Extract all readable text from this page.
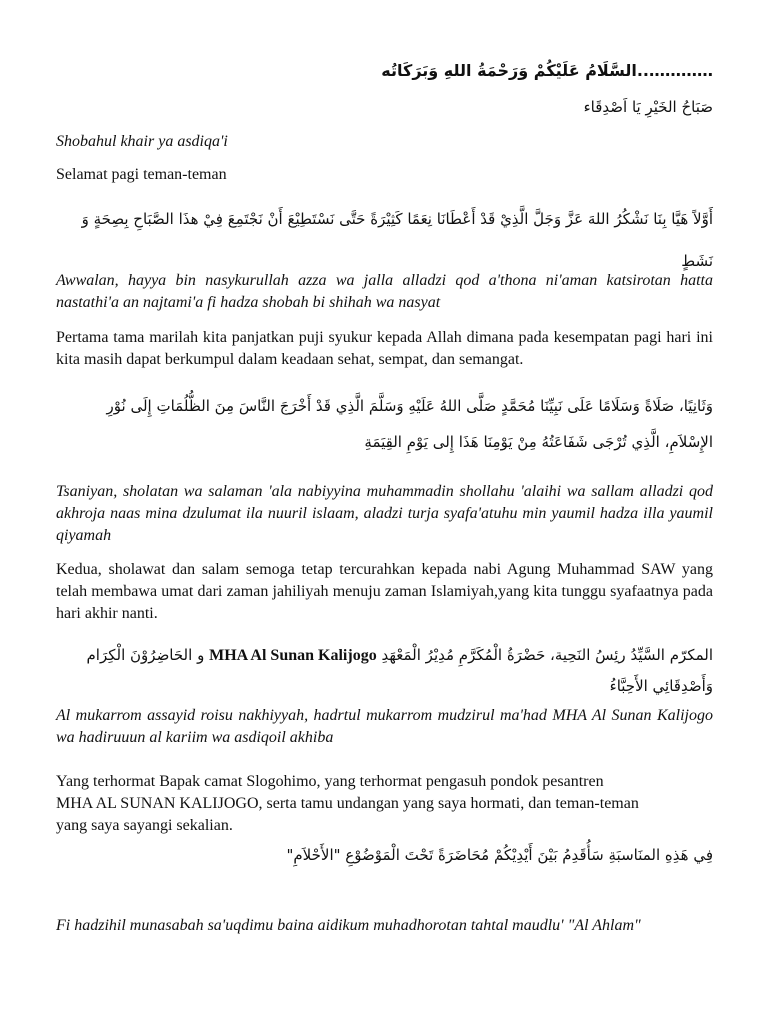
…………..السَّلَامُ عَلَيْكُمْ وَرَحْمَةُ اللهِ وَبَرَكَاتُه
صَبَاحُ الخَيْرِ يَا اَصْدِقَاء
Shobahul khair ya asdiqa'i
Selamat pagi teman-teman
أَوَّلاً هَيَّا بِنَا نَشْكُرُ اللهَ عَزَّ وَجَلَّ الَّذِيْ قَدْ أَعْطَانَا نِعَمًا كَثِيْرَةً حَتَّى نَسْتَطِيْعَ أَنْ نَجْتَمِعَ فِيْ هذَا الصَّبَاحِ بِصِحَةٍ وَ نَشَطٍ
Awwalan, hayya bin nasykurullah azza wa jalla alladzi qod a'thona ni'aman katsirotan hatta nastathi'a an najtami'a fi hadza shobah bi shihah wa nasyat
Pertama tama marilah kita panjatkan puji syukur kepada Allah dimana pada kesempatan pagi hari ini kita masih dapat berkumpul dalam keadaan sehat, sempat, dan semangat.
وَثَانِيًا، صَلَاةً وَسَلَامًا عَلَى نَبِيِّنَا مُحَمَّدٍ صَلَّى اللهُ عَلَيْهِ وَسَلَّمَ الَّذِي قَدْ أَخْرَجَ النَّاسَ مِنَ الظُّلُمَاتِ إِلَى نُوْرِ الإِسْلاَمِ، الَّذِي تُرْجَى شَفَاعَتُهُ مِنْ يَوْمِنَا هَذَا إِلى يَوْمِ القِيَمَةِ
Tsaniyan, sholatan wa salaman 'ala nabiyyina muhammadin shollahu 'alaihi wa sallam alladzi qod akhroja naas mina dzulumat ila nuuril islaam, aladzi turja syafa'atuhu min yaumil hadza illa yaumil qiyamah
Kedua, sholawat dan salam semoga tetap tercurahkan kepada nabi Agung Muhammad SAW yang telah membawa umat dari zaman jahiliyah menuju zaman Islamiyah,yang kita tunggu syafaatnya pada hari akhir nanti.
المكرّم السَّيِّدُ رئِسُ النَحِية، حَضْرَةُ الْمُكَرَّمِ مُدِيْرُ الْمَعْهَدِ MHA Al Sunan Kalijogo و الحَاضِرُوْنَ الْكِرَام وَأَصْدِقَائِي الأَحِبَّاءُ
Al mukarrom assayid roisu nakhiyyah, hadrtul mukarrom mudzirul ma'had MHA Al Sunan Kalijogo wa hadiruuun al kariim wa asdiqoil akhiba
Yang terhormat Bapak camat Slogohimo, yang terhormat pengasuh pondok pesantren
MHA AL SUNAN KALIJOGO, serta tamu undangan yang saya hormati, dan teman-teman
yang saya sayangi sekalian.
فِي هَذِهِ المنَاسبَةِ سَأُقَدِمُ بَيْنَ أَيْدِيْكُمْ مُحَاضَرَةً تَحْتَ الْمَوْضُوْعِ "الأَحْلاَمِ"
Fi hadzihil munasabah sa'uqdimu baina aidikum muhadhorotan tahtal maudlu' "Al Ahlam"
